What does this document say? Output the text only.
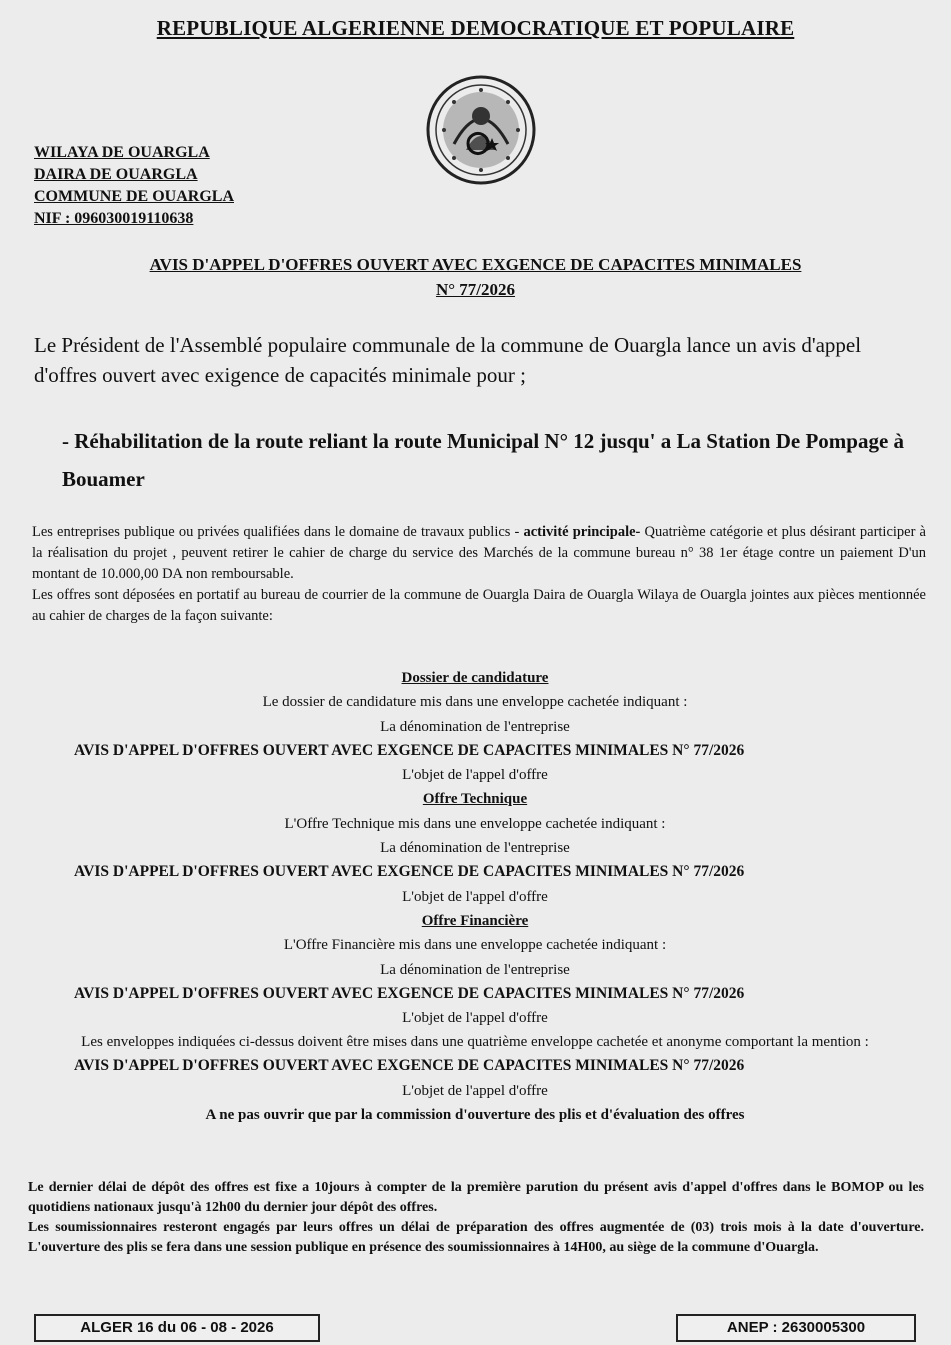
REPUBLIQUE ALGERIENNE DEMOCRATIQUE ET POPULAIRE
WILAYA DE OUARGLA
DAIRA DE OUARGLA
COMMUNE DE OUARGLA
NIF : 096030019110638
AVIS D'APPEL D'OFFRES OUVERT AVEC EXGENCE DE CAPACITES MINIMALES
N° 77/2026
Le Président de l'Assemblé populaire communale de la commune de Ouargla lance un avis d'appel d'offres ouvert avec exigence de capacités minimale pour ;
- Réhabilitation de la route reliant la route Municipal N° 12 jusqu' a La Station De Pompage à Bouamer
Les entreprises publique ou privées qualifiées dans le domaine de travaux publics - activité principale- Quatrième catégorie et plus désirant participer à la réalisation du projet , peuvent retirer le cahier de charge du service des Marchés de la commune bureau n° 38 1er étage contre un paiement D'un montant de 10.000,00 DA non remboursable.
Les offres sont déposées en portatif au bureau de courrier de la commune de Ouargla Daira de Ouargla Wilaya de Ouargla jointes aux pièces mentionnée au cahier de charges de la façon suivante:
Dossier de candidature
Le dossier de candidature mis dans une enveloppe cachetée indiquant :
La dénomination de l'entreprise
AVIS D'APPEL D'OFFRES OUVERT AVEC EXGENCE DE CAPACITES MINIMALES N° 77/2026
L'objet de l'appel d'offre
Offre Technique
L'Offre Technique mis dans une enveloppe cachetée indiquant :
La dénomination de l'entreprise
AVIS D'APPEL D'OFFRES OUVERT AVEC EXGENCE DE CAPACITES MINIMALES N° 77/2026
L'objet de l'appel d'offre
Offre Financière
L'Offre Financière mis dans une enveloppe cachetée indiquant :
La dénomination de l'entreprise
AVIS D'APPEL D'OFFRES OUVERT AVEC EXGENCE DE CAPACITES MINIMALES N° 77/2026
L'objet de l'appel d'offre
Les enveloppes indiquées ci-dessus doivent être mises dans une quatrième enveloppe cachetée et anonyme comportant la mention :
AVIS D'APPEL D'OFFRES OUVERT AVEC EXGENCE DE CAPACITES MINIMALES N° 77/2026
L'objet de l'appel d'offre
A ne pas ouvrir que par la commission d'ouverture des plis et d'évaluation des offres
Le dernier délai de dépôt des offres est fixe a 10jours à compter de la première parution du présent avis d'appel d'offres dans le BOMOP ou les quotidiens nationaux jusqu'à 12h00 du dernier jour dépôt des offres.
Les soumissionnaires resteront engagés par leurs offres un délai de préparation des offres augmentée de (03) trois mois à la date d'ouverture. L'ouverture des plis se fera dans une session publique en présence des soumissionnaires à 14H00, au siège de la commune d'Ouargla.
ALGER 16 du 06 - 08 - 2026	ANEP : 2630005300
